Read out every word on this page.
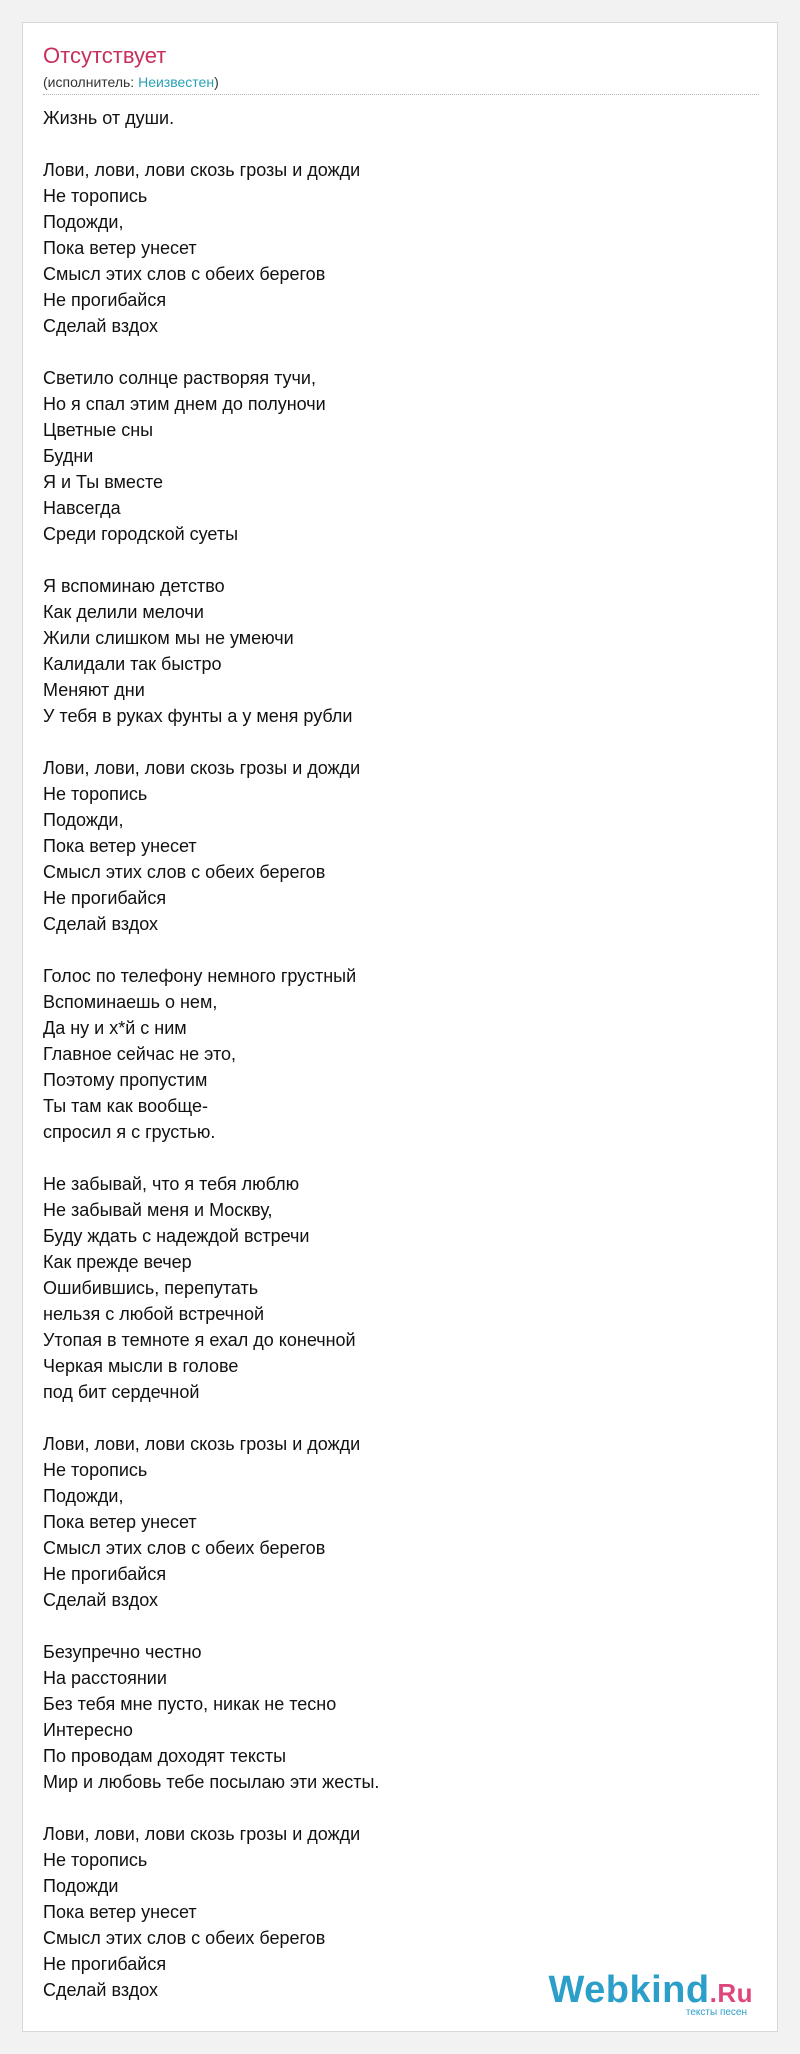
Отсутствует
(исполнитель: Неизвестен)
Жизнь от души.
Лови, лови, лови скозь грозы и дожди
Не торопись
Подожди,
Пока ветер унесет
Смысл этих слов с обеих берегов
Не прогибайся
Сделай вздох
Светило солнце растворяя тучи,
Но я спал этим днем до полуночи
Цветные сны
Будни
Я и Ты вместе
Навсегда
Среди городской суеты
Я вспоминаю детство
Как делили мелочи
Жили слишком мы не умеючи
Калидали так быстро
Меняют дни
У тебя в руках фунты а у меня рубли
Лови, лови, лови скозь грозы и дожди
Не торопись
Подожди,
Пока ветер унесет
Смысл этих слов с обеих берегов
Не прогибайся
Сделай вздох
Голос по телефону немного грустный
Вспоминаешь о нем,
Да ну и х*й с ним
Главное сейчас не это,
Поэтому пропустим
Ты там как вообще-
спросил я с грустью.
Не забывай, что я тебя люблю
Не забывай меня и Москву,
Буду ждать с надеждой встречи
Как прежде вечер
Ошибившись, перепутать
нельзя с любой встречной
Утопая в темноте я ехал до конечной
Черкая мысли в голове
под бит сердечной
Лови, лови, лови скозь грозы и дожди
Не торопись
Подожди,
Пока ветер унесет
Смысл этих слов с обеих берегов
Не прогибайся
Сделай вздох
Безупречно честно
На расстоянии
Без тебя мне пусто, никак не тесно
Интересно
По проводам доходят тексты
Мир и любовь тебе посылаю эти жесты.
Лови, лови, лови скозь грозы и дожди
Не торопись
Подожди
Пока ветер унесет
Смысл этих слов с обеих берегов
Не прогибайся
Сделай вздох	Webkind.Ru
тексты песен
